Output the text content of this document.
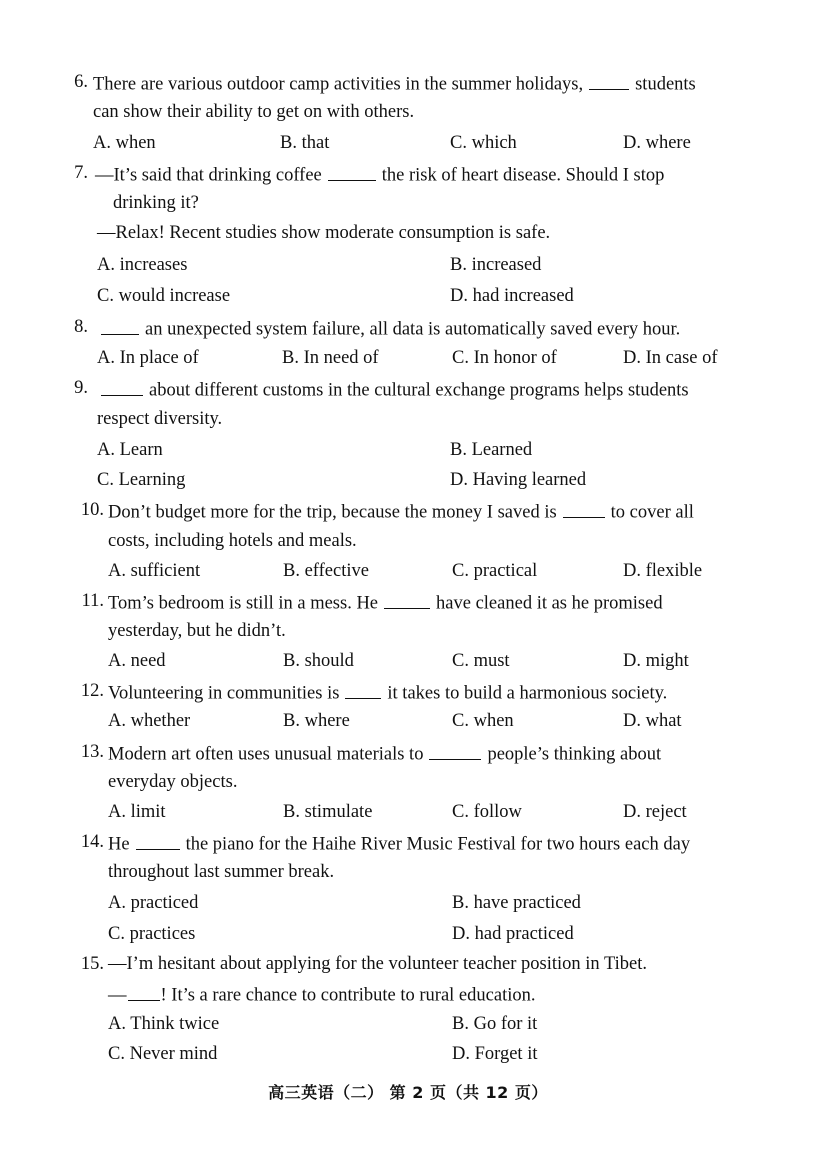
6. There are various outdoor camp activities in the summer holidays,	students
can show their ability to get on with others.
A. when	B. that	C. which	D. where
7. —It’s said that drinking coffee	the risk of heart disease. Should I stop
drinking it?
—Relax! Recent studies show moderate consumption is safe.
A. increases	B. increased
C. would increase	D. had increased
8.	an unexpected system failure, all data is automatically saved every hour.
A. In place of	B. In need of	C. In honor of	D. In case of
9.	about different customs in the cultural exchange programs helps students
respect diversity.
A. Learn	B. Learned
C. Learning	D. Having learned
10. Don’t budget more for the trip, because the money I saved is	to cover all
costs, including hotels and meals.
A. sufficient	B. effective	C. practical	D. flexible
11. Tom’s bedroom is still in a mess. He	have cleaned it as he promised
yesterday, but he didn’t.
A. need	B. should	C. must	D. might
12. Volunteering in communities is	it takes to build a harmonious society.
A. whether	B. where	C. when	D. what
13. Modern art often uses unusual materials to	people’s thinking about
everyday objects.
A. limit	B. stimulate	C. follow	D. reject
14. He	the piano for the Haihe River Music Festival for two hours each day
throughout last summer break.
A. practiced	B. have practiced
C. practices	D. had practiced
15. —I’m hesitant about applying for the volunteer teacher position in Tibet.
— ! It’s a rare chance to contribute to rural education.
A. Think twice	B. Go for it
C. Never mind	D. Forget it
高三英语（二） 第 2 页（共 12 页）
